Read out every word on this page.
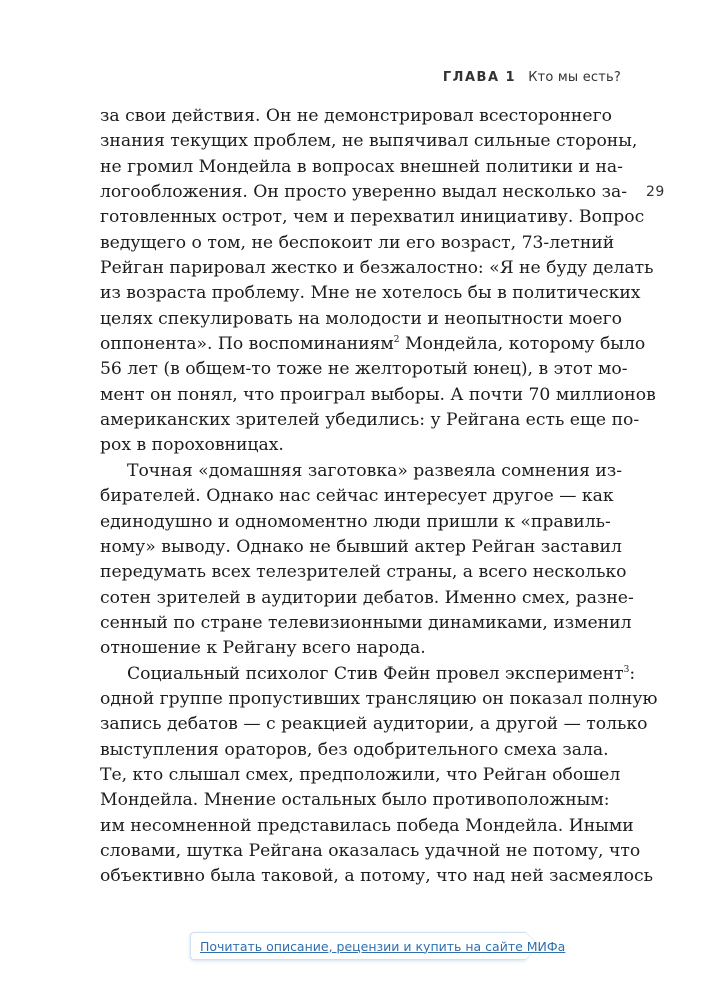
ГЛАВА 1 Кто мы есть?
29
за свои действия. Он не демонстрировал всестороннего
знания текущих проблем, не выпячивал сильные стороны,
не громил Мондейла в вопросах внешней политики и на-
логообложения. Он просто уверенно выдал несколько за-
готовленных острот, чем и перехватил инициативу. Вопрос
ведущего о том, не беспокоит ли его возраст, 73-летний
Рейган парировал жестко и безжалостно: «Я не буду делать
из возраста проблему. Мне не хотелось бы в политических
целях спекулировать на молодости и неопытности моего
оппонента». По воспоминаниям$^2$ Мондейла, которому было
56 лет (в общем-то тоже не желторотый юнец), в этот мо-
мент он понял, что проиграл выборы. А почти 70 миллионов
американских зрителей убедились: у Рейгана есть еще по-
рох в пороховницах.
Точная «домашняя заготовка» развеяла сомнения из-
бирателей. Однако нас сейчас интересует другое — как
единодушно и одномоментно люди пришли к «правиль-
ному» выводу. Однако не бывший актер Рейган заставил
передумать всех телезрителей страны, а всего несколько
сотен зрителей в аудитории дебатов. Именно смех, разне-
сенный по стране телевизионными динамиками, изменил
отношение к Рейгану всего народа.
Социальный психолог Стив Фейн провел эксперимент$^3$:
одной группе пропустивших трансляцию он показал полную
запись дебатов — с реакцией аудитории, а другой — только
выступления ораторов, без одобрительного смеха зала.
Те, кто слышал смех, предположили, что Рейган обошел
Мондейла. Мнение остальных было противоположным:
им несомненной представилась победа Мондейла. Иными
словами, шутка Рейгана оказалась удачной не потому, что
объективно была таковой, а потому, что над ней засмеялось
Почитать описание, рецензии и купить на сайте МИФа
